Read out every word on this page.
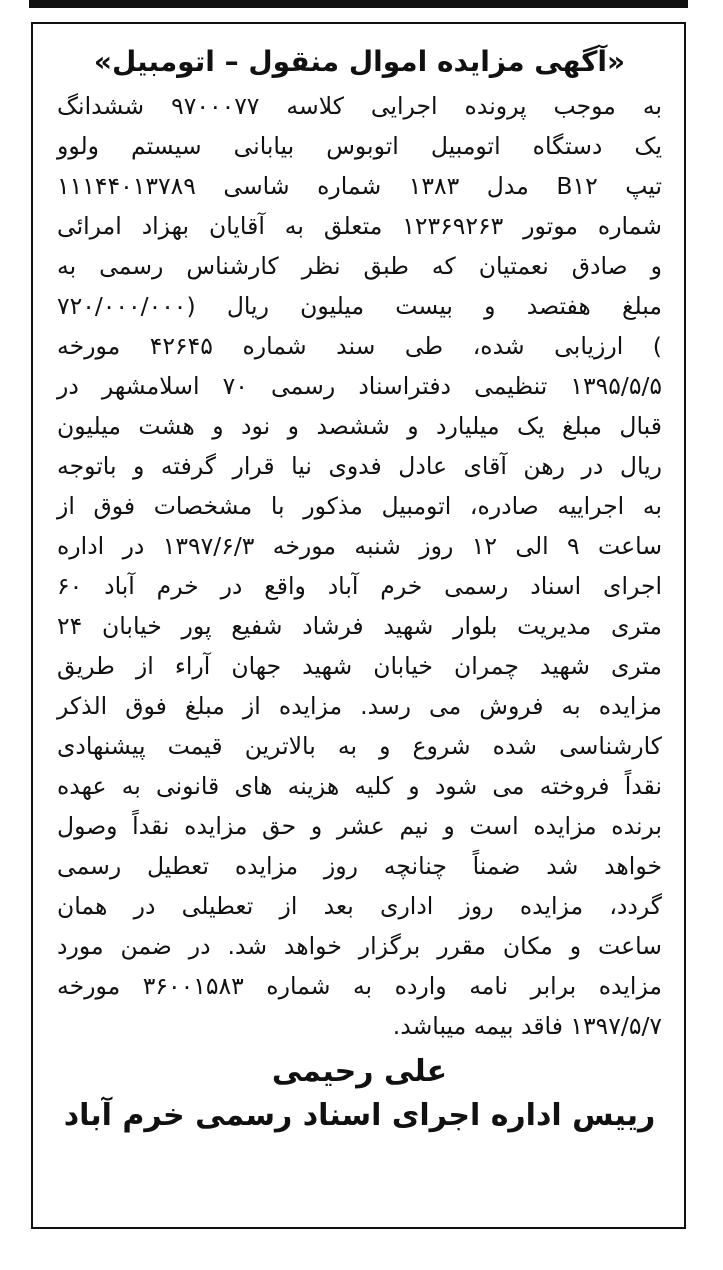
«آگهی مزایده اموال منقول – اتومبیل»
به موجب پرونده اجرایی کلاسه ۹۷۰۰۰۷۷ ششدانگ
یک دستگاه اتومبیل اتوبوس بیابانی سیستم ولوو
تیپ B۱۲ مدل ۱۳۸۳ شماره شاسی ۱۱۱۴۴۰۱۳۷۸۹
شماره موتور ۱۲۳۶۹۲۶۳ متعلق به آقایان بهزاد امرائی
و صادق نعمتیان که طبق نظر کارشناس رسمی به
مبلغ هفتصد و بیست میلیون ریال (۷۲۰/۰۰۰/۰۰۰
) ارزیابی شده، طی سند شماره ۴۲۶۴۵ مورخه
۱۳۹۵/۵/۵ تنظیمی دفتراسناد رسمی ۷۰ اسلامشهر در
قبال مبلغ یک میلیارد و ششصد و نود و هشت میلیون
ریال در رهن آقای عادل فدوی نیا قرار گرفته و باتوجه
به اجراییه صادره، اتومبیل مذکور با مشخصات فوق از
ساعت ۹ الی ۱۲ روز شنبه مورخه ۱۳۹۷/۶/۳ در اداره
اجرای اسناد رسمی خرم آباد واقع در خرم آباد ۶۰
متری مدیریت بلوار شهید فرشاد شفیع پور خیابان ۲۴
متری شهید چمران خیابان شهید جهان آراء از طریق
مزایده به فروش می رسد. مزایده از مبلغ فوق الذکر
کارشناسی شده شروع و به بالاترین قیمت پیشنهادی
نقداً فروخته می شود و کلیه هزینه های قانونی به عهده
برنده مزایده است و نیم عشر و حق مزایده نقداً وصول
خواهد شد ضمناً چنانچه روز مزایده تعطیل رسمی
گردد، مزایده روز اداری بعد از تعطیلی در همان
ساعت و مکان مقرر برگزار خواهد شد. در ضمن مورد
مزایده برابر نامه وارده به شماره ۳۶۰۰۱۵۸۳ مورخه
۱۳۹۷/۵/۷ فاقد بیمه میباشد.
علی رحیمی
رییس اداره اجرای اسناد رسمی خرم آباد
